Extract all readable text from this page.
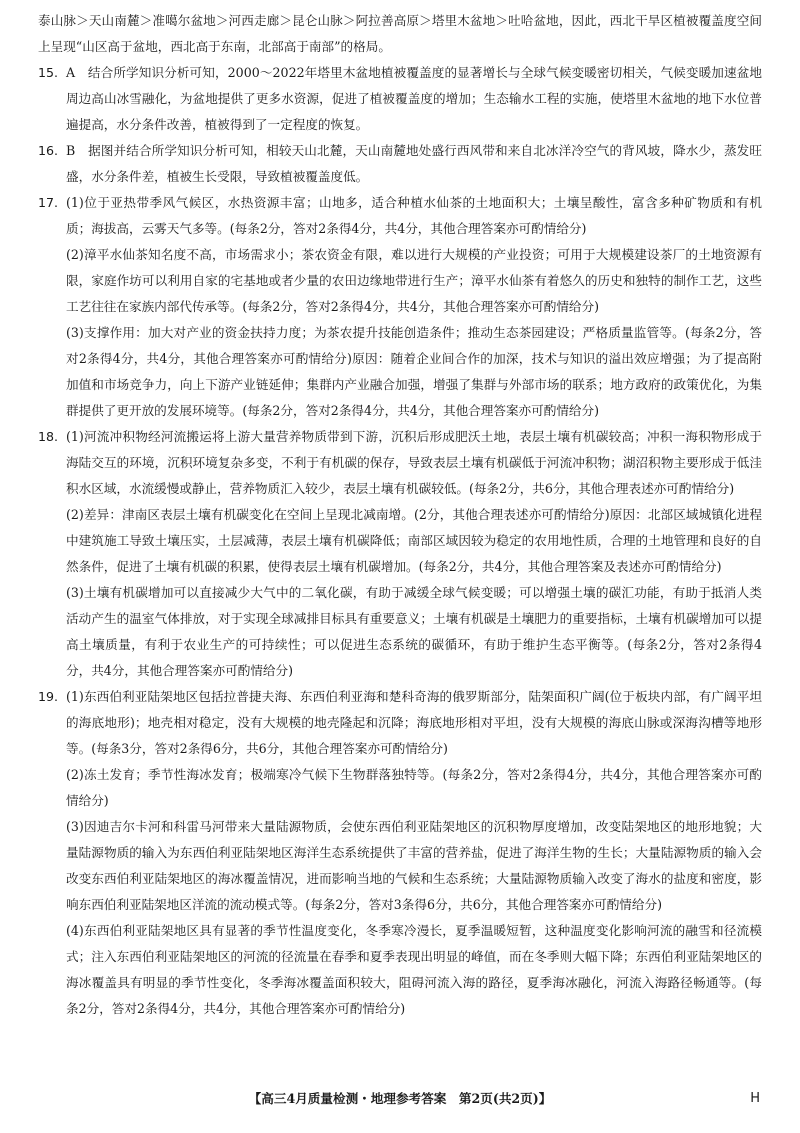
泰山脉＞天山南麓＞准噶尔盆地＞河西走廊＞昆仑山脉＞阿拉善高原＞塔里木盆地＞吐哈盆地，因此，西北干旱区植被覆盖度空间上呈现“山区高于盆地，西北高于东南，北部高于南部”的格局。

15. A　结合所学知识分析可知，2000～2022年塔里木盆地植被覆盖度的显著增长与全球气候变暖密切相关，气候变暖加速盆地周边高山冰雪融化，为盆地提供了更多水资源，促进了植被覆盖度的增加；生态输水工程的实施，使塔里木盆地的地下水位普遍提高，水分条件改善，植被得到了一定程度的恢复。

16. B　据图并结合所学知识分析可知，相较天山北麓，天山南麓地处盛行西风带和来自北冰洋冷空气的背风坡，降水少，蒸发旺盛，水分条件差，植被生长受限，导致植被覆盖度低。

17. (1)位于亚热带季风气候区，水热资源丰富；山地多，适合种植水仙茶的土地面积大；土壤呈酸性，富含多种矿物质和有机质；海拔高，云雾天气多等。(每条2分，答对2条得4分，共4分，其他合理答案亦可酌情给分)

(2)漳平水仙茶知名度不高，市场需求小；茶农资金有限，难以进行大规模的产业投资；可用于大规模建设茶厂的土地资源有限，家庭作坊可以利用自家的宅基地或者少量的农田边缘地带进行生产；漳平水仙茶有着悠久的历史和独特的制作工艺，这些工艺往往在家族内部代传承等。(每条2分，答对2条得4分，共4分，其他合理答案亦可酌情给分)

(3)支撑作用：加大对产业的资金扶持力度；为茶农提升技能创造条件；推动生态茶园建设；严格质量监管等。(每条2分，答对2条得4分，共4分，其他合理答案亦可酌情给分)原因：随着企业间合作的加深，技术与知识的溢出效应增强；为了提高附加值和市场竞争力，向上下游产业链延伸；集群内产业融合加强，增强了集群与外部市场的联系；地方政府的政策优化，为集群提供了更开放的发展环境等。(每条2分，答对2条得4分，共4分，其他合理答案亦可酌情给分)

18. (1)河流冲积物经河流搬运将上游大量营养物质带到下游，沉积后形成肥沃土地，表层土壤有机碳较高；冲积一海积物形成于海陆交互的环境，沉积环境复杂多变，不利于有机碳的保存，导致表层土壤有机碳低于河流冲积物；湖沼积物主要形成于低洼积水区域，水流缓慢或静止，营养物质汇入较少，表层土壤有机碳较低。(每条2分，共6分，其他合理表述亦可酌情给分)

(2)差异：津南区表层土壤有机碳变化在空间上呈现北减南增。(2分，其他合理表述亦可酌情给分)原因：北部区域城镇化进程中建筑施工导致土壤压实，土层减薄，表层土壤有机碳降低；南部区域因较为稳定的农用地性质，合理的土地管理和良好的自然条件，促进了土壤有机碳的积累，使得表层土壤有机碳增加。(每条2分，共4分，其他合理答案及表述亦可酌情给分)

(3)土壤有机碳增加可以直接减少大气中的二氧化碳，有助于减缓全球气候变暖；可以增强土壤的碳汇功能，有助于抵消人类活动产生的温室气体排放，对于实现全球减排目标具有重要意义；土壤有机碳是土壤肥力的重要指标，土壤有机碳增加可以提高土壤质量，有利于农业生产的可持续性；可以促进生态系统的碳循环，有助于维护生态平衡等。(每条2分，答对2条得4分，共4分，其他合理答案亦可酌情给分)

19. (1)东西伯利亚陆架地区包括拉普捷夫海、东西伯利亚海和楚科奇海的俄罗斯部分，陆架面积广阔(位于板块内部，有广阔平坦的海底地形)；地壳相对稳定，没有大规模的地壳隆起和沉降；海底地形相对平坦，没有大规模的海底山脉或深海沟槽等地形等。(每条3分，答对2条得6分，共6分，其他合理答案亦可酌情给分)

(2)冻土发育；季节性海冰发育；极端寒冷气候下生物群落独特等。(每条2分，答对2条得4分，共4分，其他合理答案亦可酌情给分)

(3)因迪吉尔卡河和科雷马河带来大量陆源物质，会使东西伯利亚陆架地区的沉积物厚度增加，改变陆架地区的地形地貌；大量陆源物质的输入为东西伯利亚陆架地区海洋生态系统提供了丰富的营养盐，促进了海洋生物的生长；大量陆源物质的输入会改变东西伯利亚陆架地区的海冰覆盖情况，进而影响当地的气候和生态系统；大量陆源物质输入改变了海水的盐度和密度，影响东西伯利亚陆架地区洋流的流动模式等。(每条2分，答对3条得6分，共6分，其他合理答案亦可酌情给分)

(4)东西伯利亚陆架地区具有显著的季节性温度变化，冬季寒冷漫长，夏季温暖短暂，这种温度变化影响河流的融雪和径流模式；注入东西伯利亚陆架地区的河流的径流量在春季和夏季表现出明显的峰值，而在冬季则大幅下降；东西伯利亚陆架地区的海冰覆盖具有明显的季节性变化，冬季海冰覆盖面积较大，阻碍河流入海的路径，夏季海冰融化，河流入海路径畅通等。(每条2分，答对2条得4分，共4分，其他合理答案亦可酌情给分)

【高三4月质量检测・地理参考答案　第2页(共2页)】	H
